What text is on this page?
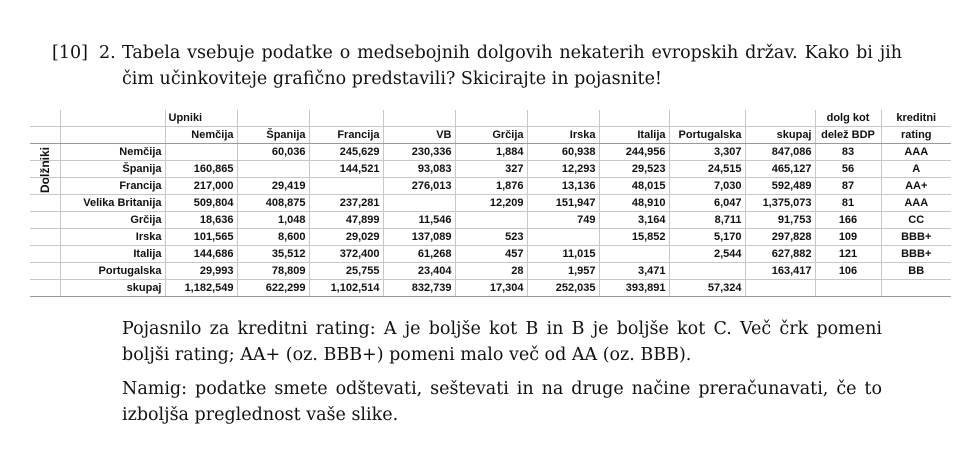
[10] 2. Tabela vsebuje podatke o medsebojnih dolgovih nekaterih evropskih držav. Kako bi jih čim učinkoviteje grafično predstavili? Skicirajte in pojasnite!
Dolžniki
		Upniki									dolg kot	kreditni
		Nemčija	Španija	Francija	VB	Grčija	Irska	Italija	Portugalska	skupaj	delež BDP	rating
	Nemčija		60,036	245,629	230,336	1,884	60,938	244,956	3,307	847,086	83	AAA
	Španija	160,865		144,521	93,083	327	12,293	29,523	24,515	465,127	56	A
	Francija	217,000	29,419		276,013	1,876	13,136	48,015	7,030	592,489	87	AA+
	Velika Britanija	509,804	408,875	237,281		12,209	151,947	48,910	6,047	1,375,073	81	AAA
	Grčija	18,636	1,048	47,899	11,546		749	3,164	8,711	91,753	166	CC
	Irska	101,565	8,600	29,029	137,089	523		15,852	5,170	297,828	109	BBB+
	Italija	144,686	35,512	372,400	61,268	457	11,015		2,544	627,882	121	BBB+
	Portugalska	29,993	78,809	25,755	23,404	28	1,957	3,471		163,417	106	BB
	skupaj	1,182,549	622,299	1,102,514	832,739	17,304	252,035	393,891	57,324			

Pojasnilo za kreditni rating: A je boljše kot B in B je boljše kot C. Več črk pomeni boljši rating; AA+ (oz. BBB+) pomeni malo več od AA (oz. BBB).

Namig: podatke smete odštevati, seštevati in na druge načine preračunavati, če to izboljša preglednost vaše slike.
